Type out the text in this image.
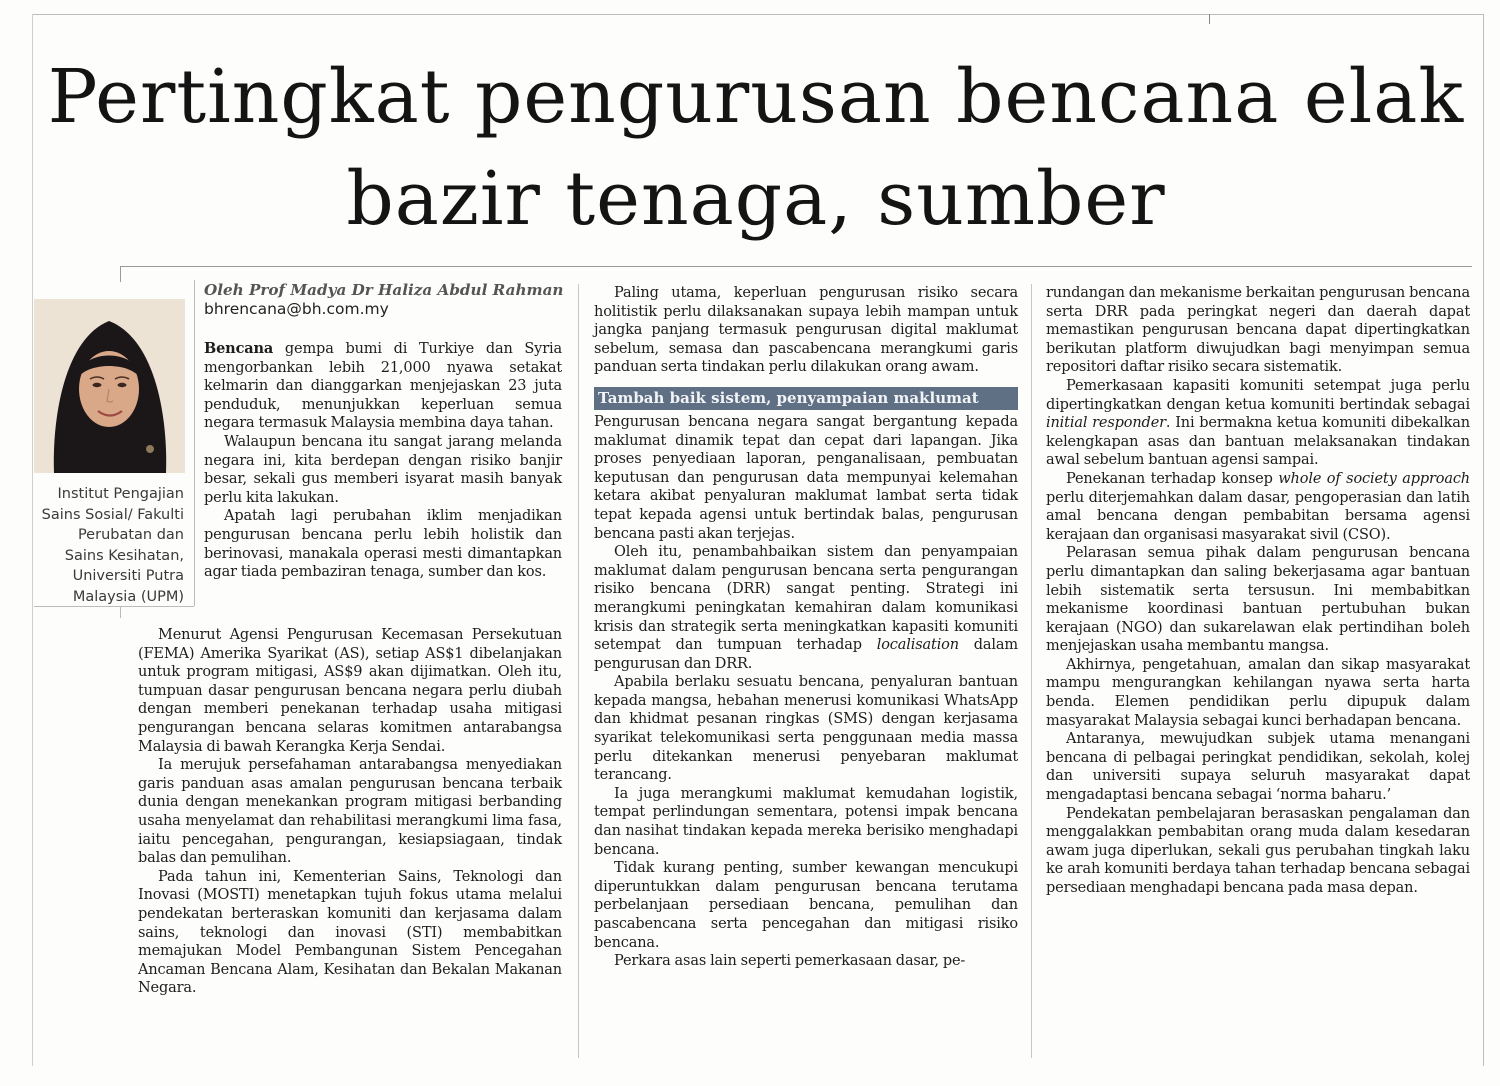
Pertingkat pengurusan bencana elak bazir tenaga, sumber

Institut Pengajian Sains Sosial/ Fakulti Perubatan dan Sains Kesihatan, Universiti Putra Malaysia (UPM)

Oleh Prof Madya Dr Haliza Abdul Rahman
bhrencana@bh.com.my

Bencana gempa bumi di Turkiye dan Syria mengorbankan lebih 21,000 nyawa setakat kelmarin dan dianggarkan menjejaskan 23 juta penduduk, menunjukkan keperluan semua negara termasuk Malaysia membina daya tahan.

Walaupun bencana itu sangat jarang melanda negara ini, kita berdepan dengan risiko banjir besar, sekali gus memberi isyarat masih banyak perlu kita lakukan.

Apatah lagi perubahan iklim menjadikan pengurusan bencana perlu lebih holistik dan berinovasi, manakala operasi mesti dimantapkan agar tiada pembaziran tenaga, sumber dan kos.

Menurut Agensi Pengurusan Kecemasan Persekutuan (FEMA) Amerika Syarikat (AS), setiap AS$1 dibelanjakan untuk program mitigasi, AS$9 akan dijimatkan. Oleh itu, tumpuan dasar pengurusan bencana negara perlu diubah dengan memberi penekanan terhadap usaha mitigasi pengurangan bencana selaras komitmen antarabangsa Malaysia di bawah Kerangka Kerja Sendai.

Ia merujuk persefahaman antarabangsa menyediakan garis panduan asas amalan pengurusan bencana terbaik dunia dengan menekankan program mitigasi berbanding usaha menyelamat dan rehabilitasi merangkumi lima fasa, iaitu pencegahan, pengurangan, kesiapsiagaan, tindak balas dan pemulihan.

Pada tahun ini, Kementerian Sains, Teknologi dan Inovasi (MOSTI) menetapkan tujuh fokus utama melalui pendekatan berteraskan komuniti dan kerjasama dalam sains, teknologi dan inovasi (STI) membabitkan memajukan Model Pembangunan Sistem Pencegahan Ancaman Bencana Alam, Kesihatan dan Bekalan Makanan Negara.

Paling utama, keperluan pengurusan risiko secara holitistik perlu dilaksanakan supaya lebih mampan untuk jangka panjang termasuk pengurusan digital maklumat sebelum, semasa dan pascabencana merangkumi garis panduan serta tindakan perlu dilakukan orang awam.

Tambah baik sistem, penyampaian maklumat

Pengurusan bencana negara sangat bergantung kepada maklumat dinamik tepat dan cepat dari lapangan. Jika proses penyediaan laporan, penganalisaan, pembuatan keputusan dan pengurusan data mempunyai kelemahan ketara akibat penyaluran maklumat lambat serta tidak tepat kepada agensi untuk bertindak balas, pengurusan bencana pasti akan terjejas.

Oleh itu, penambahbaikan sistem dan penyampaian maklumat dalam pengurusan bencana serta pengurangan risiko bencana (DRR) sangat penting. Strategi ini merangkumi peningkatan kemahiran dalam komunikasi krisis dan strategik serta meningkatkan kapasiti komuniti setempat dan tumpuan terhadap localisation dalam pengurusan dan DRR.

Apabila berlaku sesuatu bencana, penyaluran bantuan kepada mangsa, hebahan menerusi komunikasi WhatsApp dan khidmat pesanan ringkas (SMS) dengan kerjasama syarikat telekomunikasi serta penggunaan media massa perlu ditekankan menerusi penyebaran maklumat terancang.

Ia juga merangkumi maklumat kemudahan logistik, tempat perlindungan sementara, potensi impak bencana dan nasihat tindakan kepada mereka berisiko menghadapi bencana.

Tidak kurang penting, sumber kewangan mencukupi diperuntukkan dalam pengurusan bencana terutama perbelanjaan persediaan bencana, pemulihan dan pascabencana serta pencegahan dan mitigasi risiko bencana.

Perkara asas lain seperti pemerkasaan dasar, pe-

rundangan dan mekanisme berkaitan pengurusan bencana serta DRR pada peringkat negeri dan daerah dapat memastikan pengurusan bencana dapat dipertingkatkan berikutan platform diwujudkan bagi menyimpan semua repositori daftar risiko secara sistematik.

Pemerkasaan kapasiti komuniti setempat juga perlu dipertingkatkan dengan ketua komuniti bertindak sebagai initial responder. Ini bermakna ketua komuniti dibekalkan kelengkapan asas dan bantuan melaksanakan tindakan awal sebelum bantuan agensi sampai.

Penekanan terhadap konsep whole of society approach perlu diterjemahkan dalam dasar, pengoperasian dan latih amal bencana dengan pembabitan bersama agensi kerajaan dan organisasi masyarakat sivil (CSO).

Pelarasan semua pihak dalam pengurusan bencana perlu dimantapkan dan saling bekerjasama agar bantuan lebih sistematik serta tersusun. Ini membabitkan mekanisme koordinasi bantuan pertubuhan bukan kerajaan (NGO) dan sukarelawan elak pertindihan boleh menjejaskan usaha membantu mangsa.

Akhirnya, pengetahuan, amalan dan sikap masyarakat mampu mengurangkan kehilangan nyawa serta harta benda. Elemen pendidikan perlu dipupuk dalam masyarakat Malaysia sebagai kunci berhadapan bencana.

Antaranya, mewujudkan subjek utama menangani bencana di pelbagai peringkat pendidikan, sekolah, kolej dan universiti supaya seluruh masyarakat dapat mengadaptasi bencana sebagai ‘norma baharu.’

Pendekatan pembelajaran berasaskan pengalaman dan menggalakkan pembabitan orang muda dalam kesedaran awam juga diperlukan, sekali gus perubahan tingkah laku ke arah komuniti berdaya tahan terhadap bencana sebagai persediaan menghadapi bencana pada masa depan.
